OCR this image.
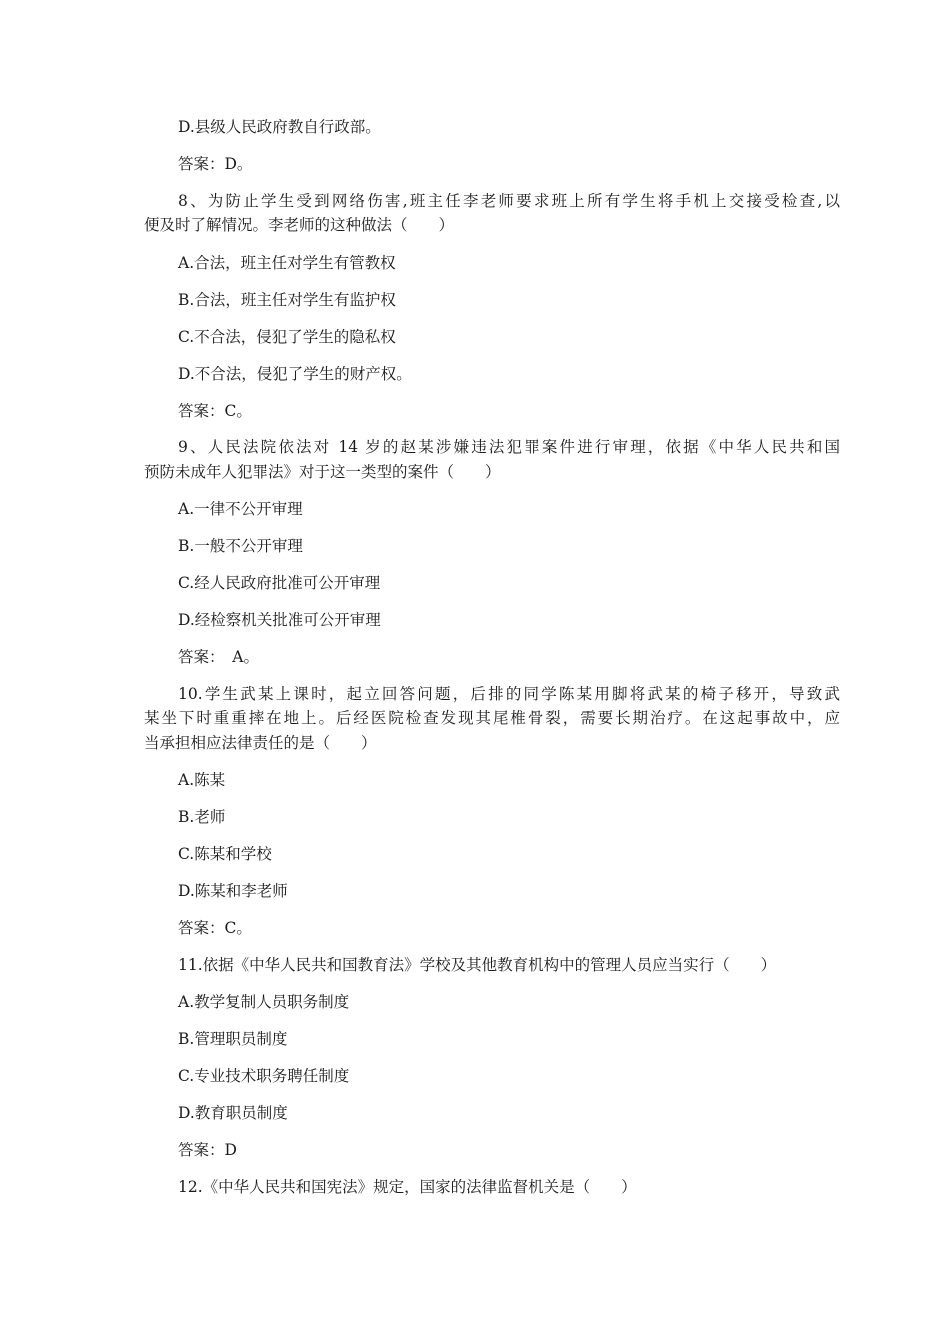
D.县级人民政府教自行政部。
答案：D。
8、为防止学生受到网络伤害,班主任李老师要求班上所有学生将手机上交接受检查,以
便及时了解情况。李老师的这种做法（　　）
A.合法，班主任对学生有管教权
B.合法，班主任对学生有监护权
C.不合法，侵犯了学生的隐私权
D.不合法，侵犯了学生的财产权。
答案：C。
9、人民法院依法对 14 岁的赵某涉嫌违法犯罪案件进行审理，依据《中华人民共和国
预防未成年人犯罪法》对于这一类型的案件（　　）
A.一律不公开审理
B.一般不公开审理
C.经人民政府批准可公开审理
D.经检察机关批准可公开审理
答案：　A。
10.学生武某上课时，起立回答问题，后排的同学陈某用脚将武某的椅子移开，导致武
某坐下时重重摔在地上。后经医院检查发现其尾椎骨裂，需要长期治疗。在这起事故中，应
当承担相应法律责任的是（　　）
A.陈某
B.老师
C.陈某和学校
D.陈某和李老师
答案：C。
11.依据《中华人民共和国教育法》学校及其他教育机构中的管理人员应当实行（　　）
A.教学复制人员职务制度
B.管理职员制度
C.专业技术职务聘任制度
D.教育职员制度
答案：D
12.《中华人民共和国宪法》规定，国家的法律监督机关是（　　）
